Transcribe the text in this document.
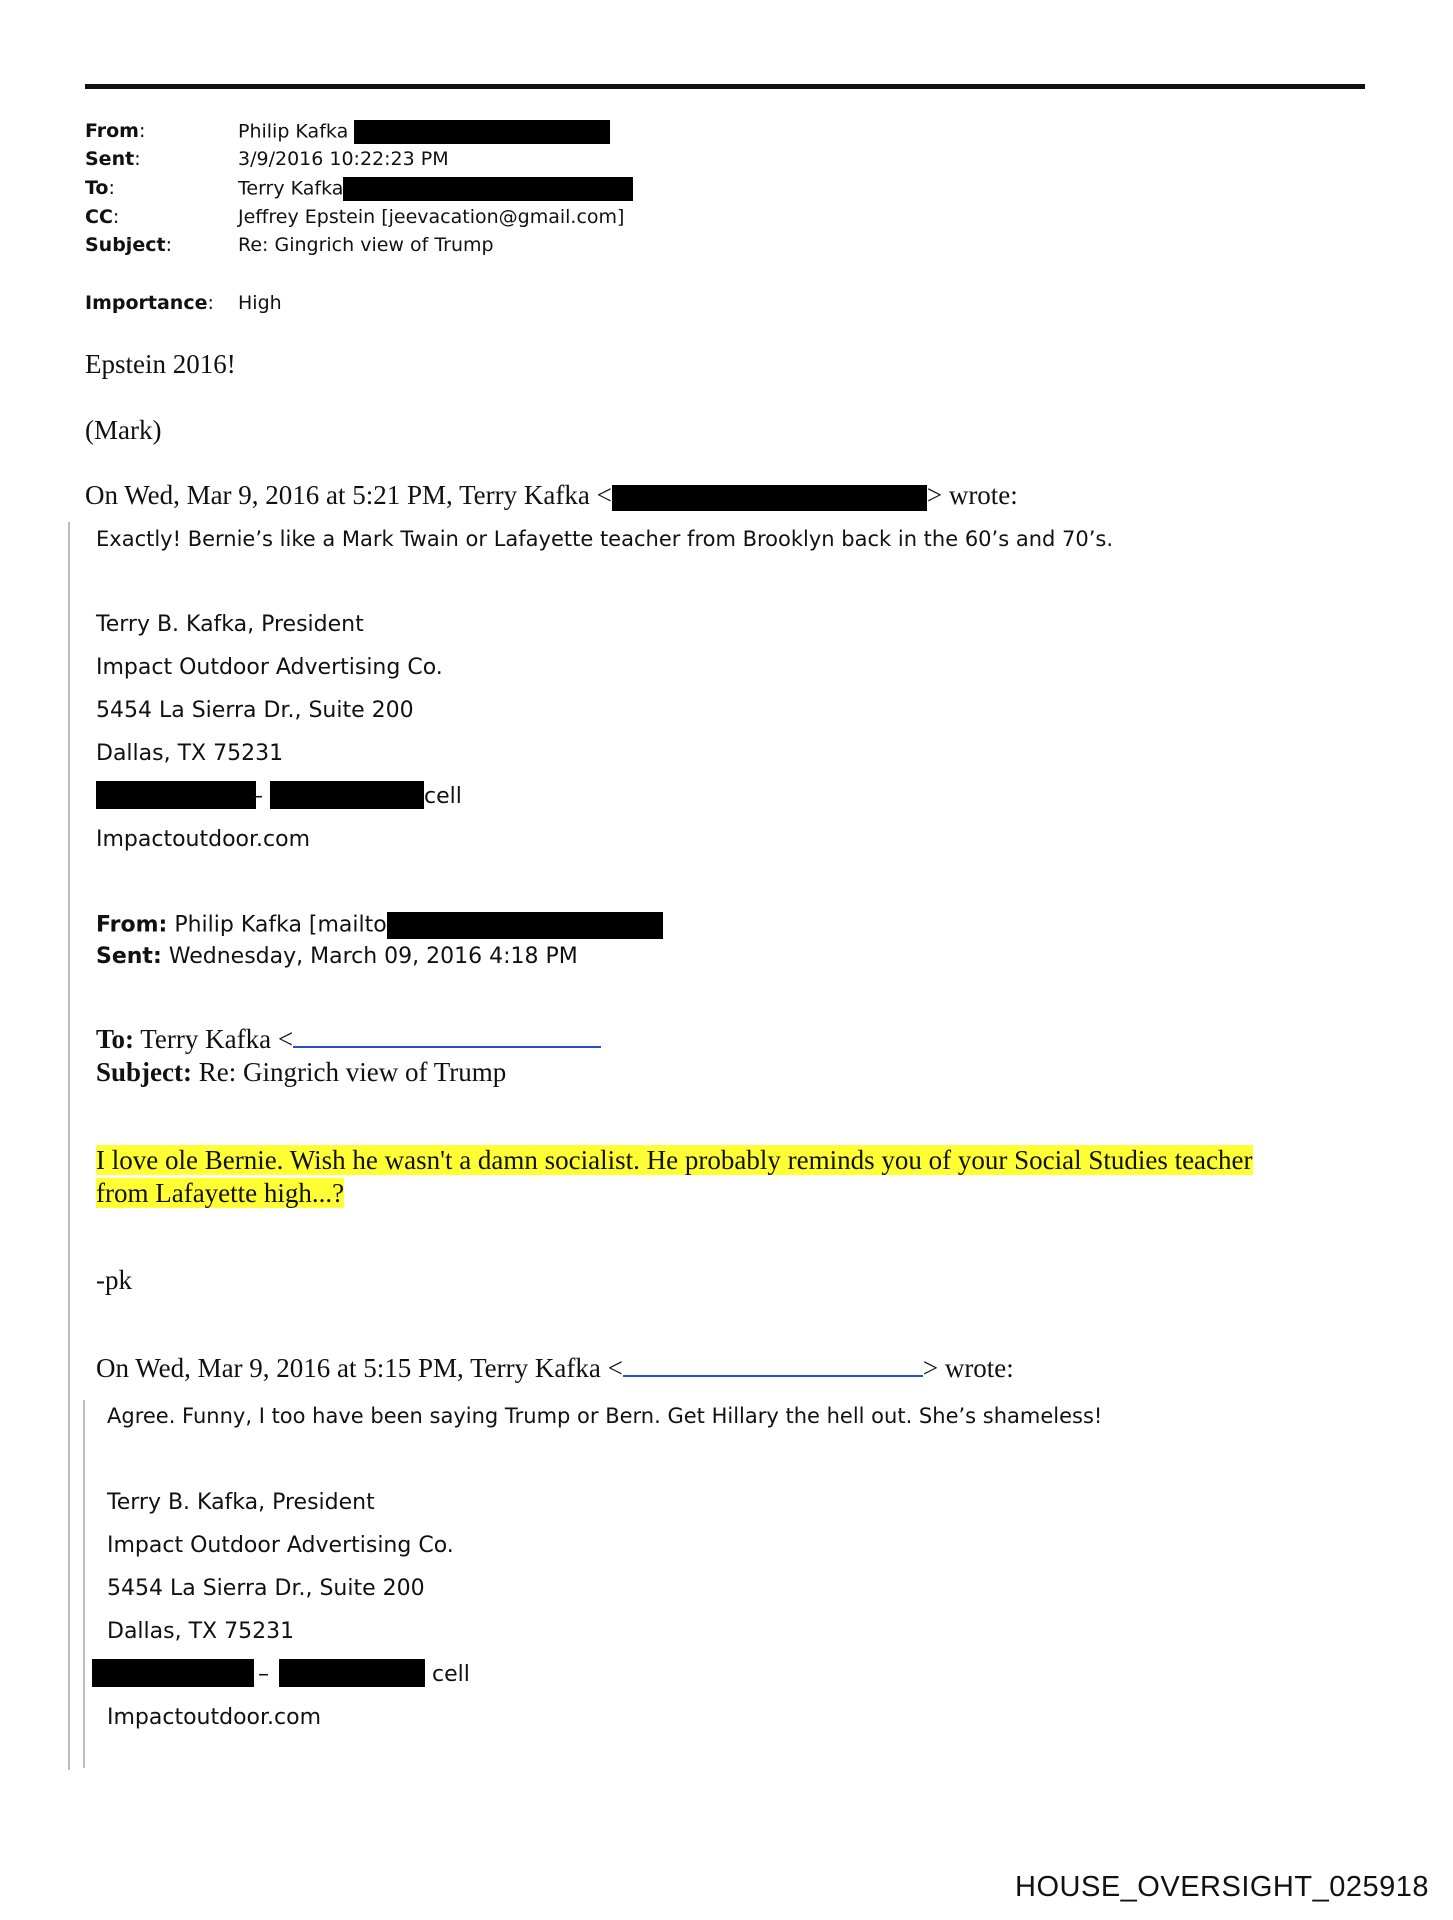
From:	Philip Kafka
Sent:	3/9/2016 10:22:23 PM
To:	Terry Kafka
CC:	Jeffrey Epstein [jeevacation@gmail.com]
Subject:	Re: Gingrich view of Trump
Importance: High
Epstein 2016!
(Mark)
On Wed, Mar 9, 2016 at 5:21 PM, Terry Kafka <	> wrote:
Exactly! Bernie’s like a Mark Twain or Lafayette teacher from Brooklyn back in the 60’s and 70’s.
Terry B. Kafka, President
Impact Outdoor Advertising Co.
5454 La Sierra Dr., Suite 200
Dallas, TX 75231
–	cell
Impactoutdoor.com
From: Philip Kafka [mailto
Sent: Wednesday, March 09, 2016 4:18 PM
To: Terry Kafka <
Subject: Re: Gingrich view of Trump
I love ole Bernie. Wish he wasn't a damn socialist. He probably reminds you of your Social Studies teacher
from Lafayette high...?
-pk
On Wed, Mar 9, 2016 at 5:15 PM, Terry Kafka <	> wrote:
Agree. Funny, I too have been saying Trump or Bern. Get Hillary the hell out. She’s shameless!
Terry B. Kafka, President
Impact Outdoor Advertising Co.
5454 La Sierra Dr., Suite 200
Dallas, TX 75231
–	cell
Impactoutdoor.com
HOUSE_OVERSIGHT_025918
